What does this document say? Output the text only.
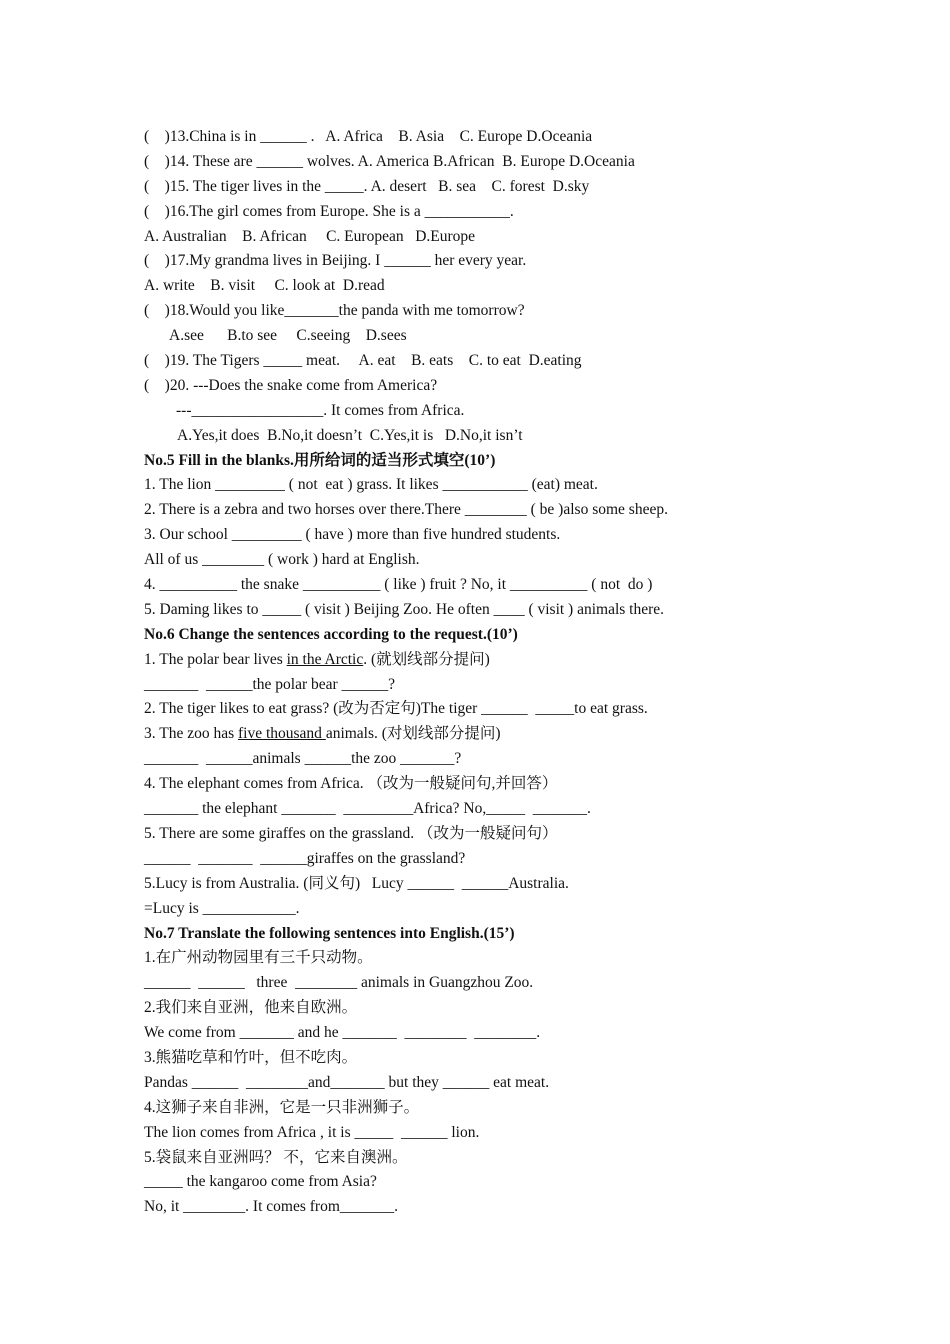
(    )13.China is in ______ .   A. Africa    B. Asia    C. Europe D.Oceania
(    )14. These are ______ wolves. A. America B.African  B. Europe D.Oceania
(    )15. The tiger lives in the _____. A. desert   B. sea    C. forest  D.sky
(    )16.The girl comes from Europe. She is a ___________.
A. Australian    B. African     C. European   D.Europe
(    )17.My grandma lives in Beijing. I ______ her every year.
A. write    B. visit     C. look at  D.read
(    )18.Would you like_______the panda with me tomorrow?
A.see      B.to see     C.seeing    D.sees
(    )19. The Tigers _____ meat.     A. eat    B. eats    C. to eat  D.eating
(    )20. ---Does the snake come from America?
---_________________. It comes from Africa.
A.Yes,it does  B.No,it doesn’t  C.Yes,it is   D.No,it isn’t
No.5 Fill in the blanks.用所给词的适当形式填空(10’)
1. The lion _________ ( not  eat ) grass. It likes ___________ (eat) meat.
2. There is a zebra and two horses over there.There ________ ( be )also some sheep.
3. Our school _________ ( have ) more than five hundred students.
All of us ________ ( work ) hard at English.
4. __________ the snake __________ ( like ) fruit ? No, it __________ ( not  do )
5. Daming likes to _____ ( visit ) Beijing Zoo. He often ____ ( visit ) animals there.
No.6 Change the sentences according to the request.(10’)
1. The polar bear lives in the Arctic. (就划线部分提问)
_______  ______the polar bear ______?
2. The tiger likes to eat grass? (改为否定句)The tiger ______  _____to eat grass.
3. The zoo has five thousand animals. (对划线部分提问)
_______  ______animals ______the zoo _______?
4. The elephant comes from Africa. （改为一般疑问句,并回答）
_______ the elephant _______  _________Africa? No,_____  _______.
5. There are some giraffes on the grassland. （改为一般疑问句）
______  _______  ______giraffes on the grassland?
5.Lucy is from Australia. (同义句)   Lucy ______  ______Australia.
=Lucy is ____________.
No.7 Translate the following sentences into English.(15’)
1.在广州动物园里有三千只动物。
______  ______   three  ________ animals in Guangzhou Zoo.
2.我们来自亚洲，他来自欧洲。
We come from _______ and he _______  ________  ________.
3.熊猫吃草和竹叶，但不吃肉。
Pandas ______  ________and_______ but they ______ eat meat.
4.这狮子来自非洲，它是一只非洲狮子。
The lion comes from Africa , it is _____  ______ lion.
5.袋鼠来自亚洲吗？ 不，它来自澳洲。
_____ the kangaroo come from Asia?
No, it ________. It comes from_______.
